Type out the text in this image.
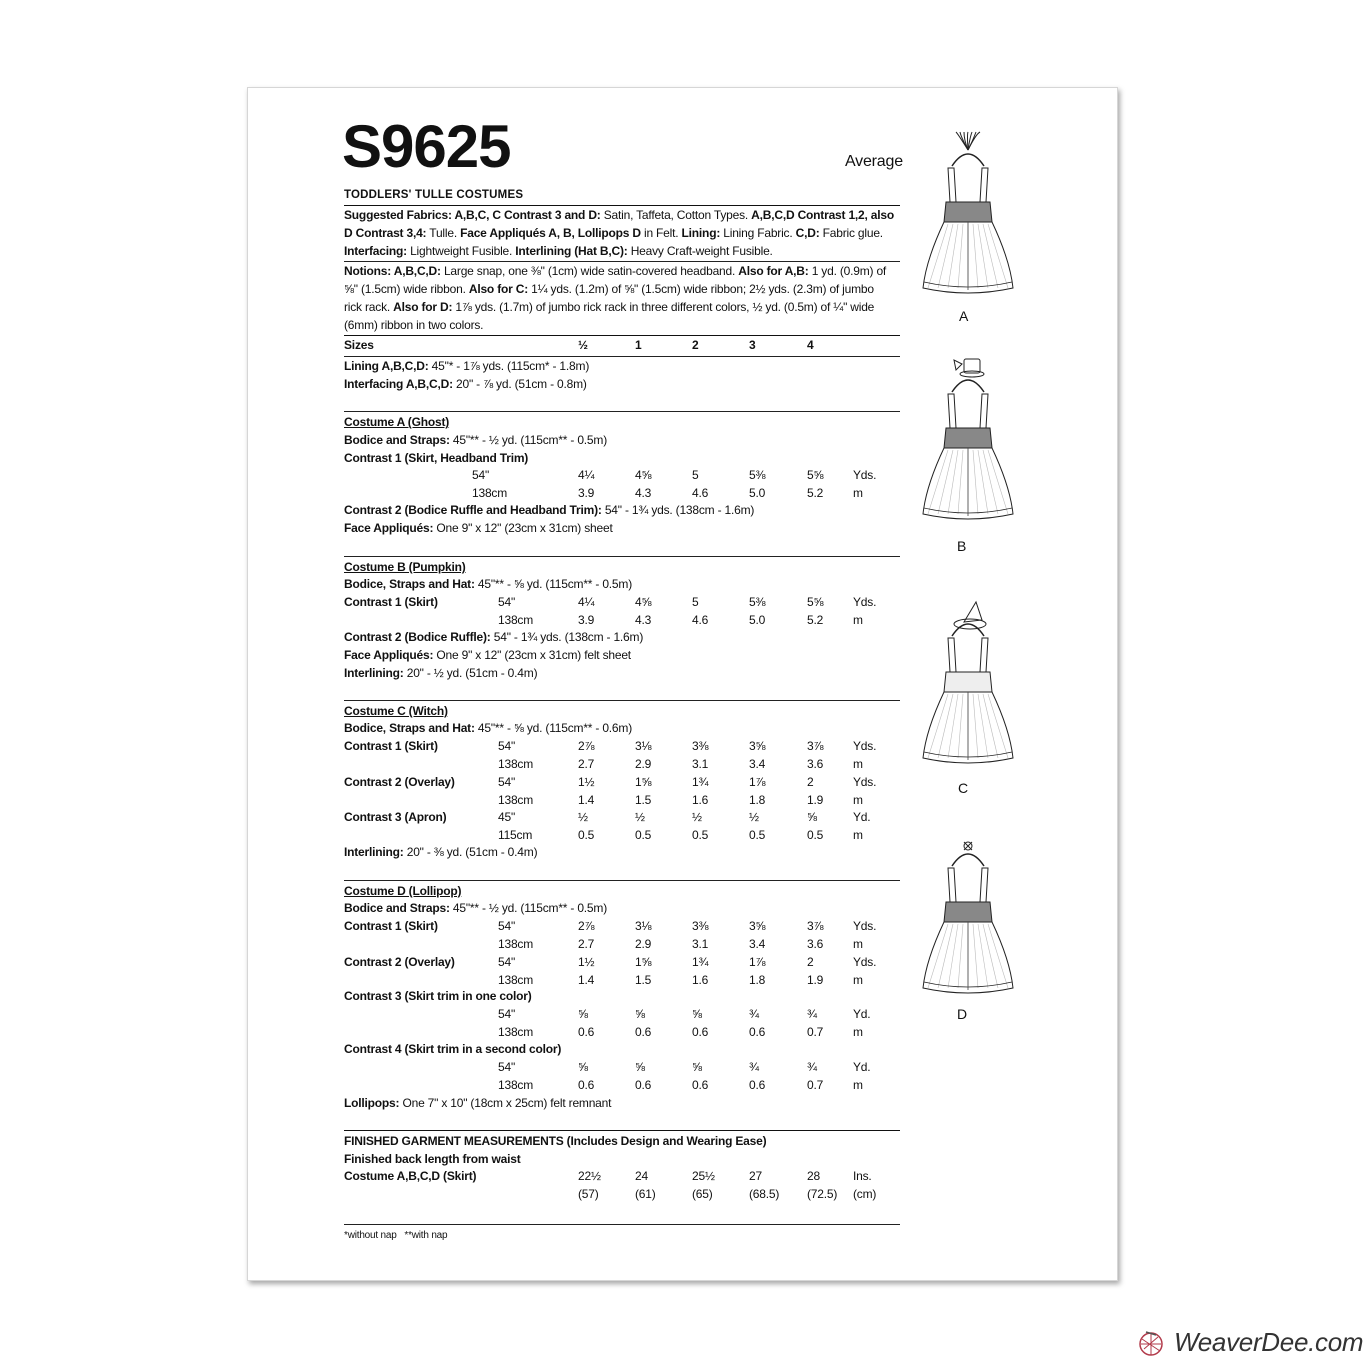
S9625	Average
TODDLERS' TULLE COSTUMES
Suggested Fabrics: A,B,C, C Contrast 3 and D: Satin, Taffeta, Cotton Types. A,B,C,D Contrast 1,2, also
D Contrast 3,4: Tulle. Face Appliqués A, B, Lollipops D in Felt. Lining: Lining Fabric. C,D: Fabric glue.
Interfacing: Lightweight Fusible. Interlining (Hat B,C): Heavy Craft-weight Fusible.
Notions: A,B,C,D: Large snap, one ⅜" (1cm) wide satin-covered headband. Also for A,B: 1 yd. (0.9m) of
⅝" (1.5cm) wide ribbon. Also for C: 1¼ yds. (1.2m) of ⅝" (1.5cm) wide ribbon; 2½ yds. (2.3m) of jumbo
rick rack. Also for D: 1⅞ yds. (1.7m) of jumbo rick rack in three different colors, ½ yd. (0.5m) of ¼" wide
(6mm) ribbon in two colors.
Sizes	½	1	2	3	4
Lining A,B,C,D: 45"* - 1⅞ yds. (115cm* - 1.8m)
Interfacing A,B,C,D: 20" - ⅞ yd. (51cm - 0.8m)
Costume A (Ghost)
Bodice and Straps: 45"** - ½ yd. (115cm** - 0.5m)
Contrast 1 (Skirt, Headband Trim)
54"	4¼	4⅝	5	5⅜	5⅝ Yds.
138cm	3.9	4.3	4.6	5.0	5.2 m
Contrast 2 (Bodice Ruffle and Headband Trim): 54" - 1¾ yds. (138cm - 1.6m)
Face Appliqués: One 9" x 12" (23cm x 31cm) sheet
Costume B (Pumpkin)
Bodice, Straps and Hat: 45"** - ⅝ yd. (115cm** - 0.5m)
Contrast 1 (Skirt)	54"	4¼	4⅝	5	5⅜	5⅝ Yds.
138cm	3.9	4.3	4.6	5.0	5.2 m
Contrast 2 (Bodice Ruffle): 54" - 1¾ yds. (138cm - 1.6m)
Face Appliqués: One 9" x 12" (23cm x 31cm) felt sheet
Interlining: 20" - ½ yd. (51cm - 0.4m)
Costume C (Witch)
Bodice, Straps and Hat: 45"** - ⅝ yd. (115cm** - 0.6m)
Contrast 1 (Skirt)	54"	2⅞	3⅛	3⅜	3⅝	3⅞ Yds.
138cm	2.7	2.9	3.1	3.4	3.6 m
Contrast 2 (Overlay)	54"	1½	1⅝	1¾	1⅞	2	Yds.
138cm	1.4	1.5	1.6	1.8	1.9 m
Contrast 3 (Apron)	45"	½	½	½	½	⅝	Yd.
115cm	0.5	0.5	0.5	0.5	0.5 m
Interlining: 20" - ⅜ yd. (51cm - 0.4m)
Costume D (Lollipop)
Bodice and Straps: 45"** - ½ yd. (115cm** - 0.5m)
Contrast 1 (Skirt)	54"	2⅞	3⅛	3⅜	3⅝	3⅞ Yds.
138cm	2.7	2.9	3.1	3.4	3.6 m
Contrast 2 (Overlay)	54"	1½	1⅝	1¾	1⅞	2	Yds.
138cm	1.4	1.5	1.6	1.8	1.9 m
Contrast 3 (Skirt trim in one color)
54"	⅝	⅝	⅝	¾	¾	Yd.
138cm	0.6	0.6	0.6	0.6	0.7 m
Contrast 4 (Skirt trim in a second color)
54"	⅝	⅝	⅝	¾	¾	Yd.
138cm	0.6	0.6	0.6	0.6	0.7 m
Lollipops: One 7" x 10" (18cm x 25cm) felt remnant
FINISHED GARMENT MEASUREMENTS (Includes Design and Wearing Ease)
Finished back length from waist
Costume A,B,C,D (Skirt)	22½	24	25½	27	28	Ins.
(57)	(61)	(65)	(68.5) (72.5) (cm)
*without nap   **with nap
A
B
C
D
WeaverDee.com
